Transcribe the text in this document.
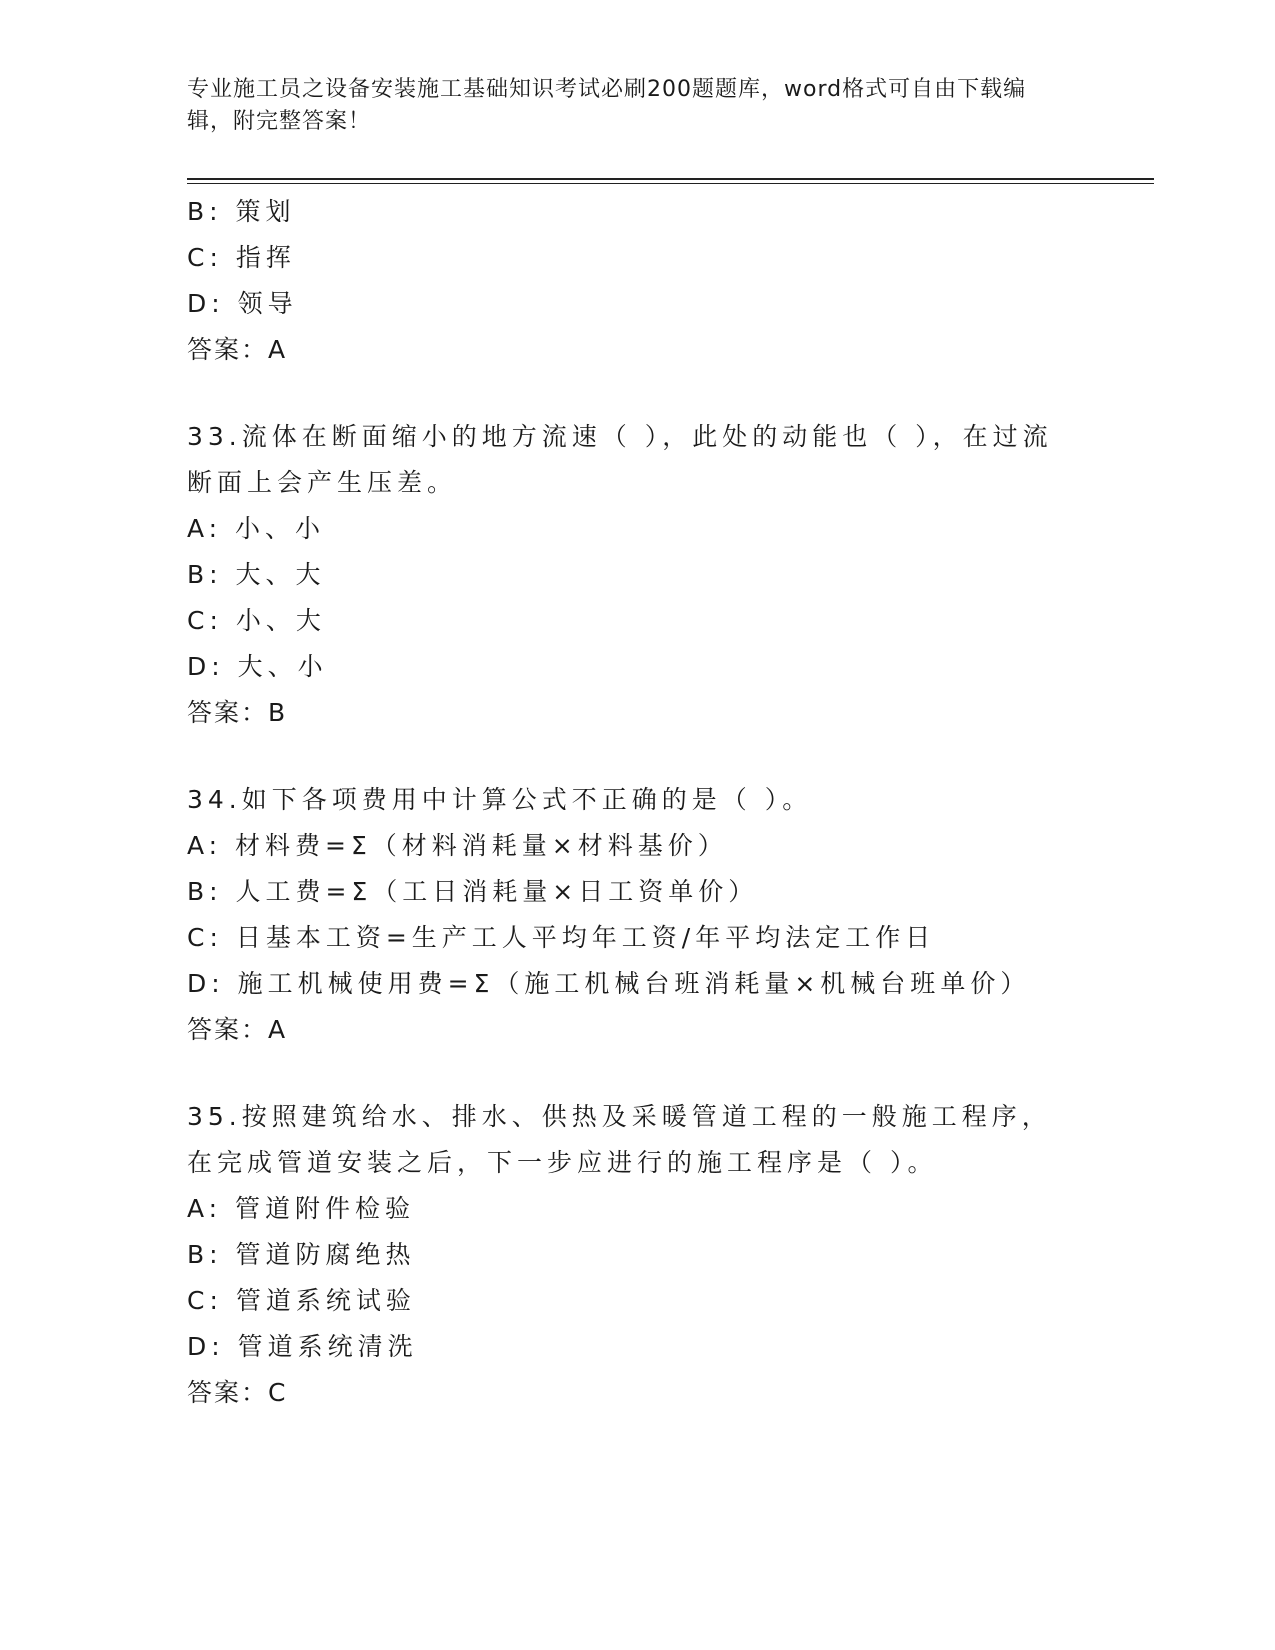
专业施工员之设备安装施工基础知识考试必刷200题题库，word格式可自由下载编辑，附完整答案！
B: 策划
C: 指挥
D: 领导
答案：A
33.流体在断面缩小的地方流速（ ），此处的动能也（ ），在过流断面上会产生压差。
A: 小、小
B: 大、大
C: 小、大
D: 大、小
答案：B
34.如下各项费用中计算公式不正确的是（ ）。
A: 材料费=Σ（材料消耗量×材料基价）
B: 人工费=Σ（工日消耗量×日工资单价）
C: 日基本工资=生产工人平均年工资/年平均法定工作日
D: 施工机械使用费=Σ（施工机械台班消耗量×机械台班单价）
答案：A
35.按照建筑给水、排水、供热及采暖管道工程的一般施工程序，在完成管道安装之后，下一步应进行的施工程序是（ ）。
A: 管道附件检验
B: 管道防腐绝热
C: 管道系统试验
D: 管道系统清洗
答案：C
